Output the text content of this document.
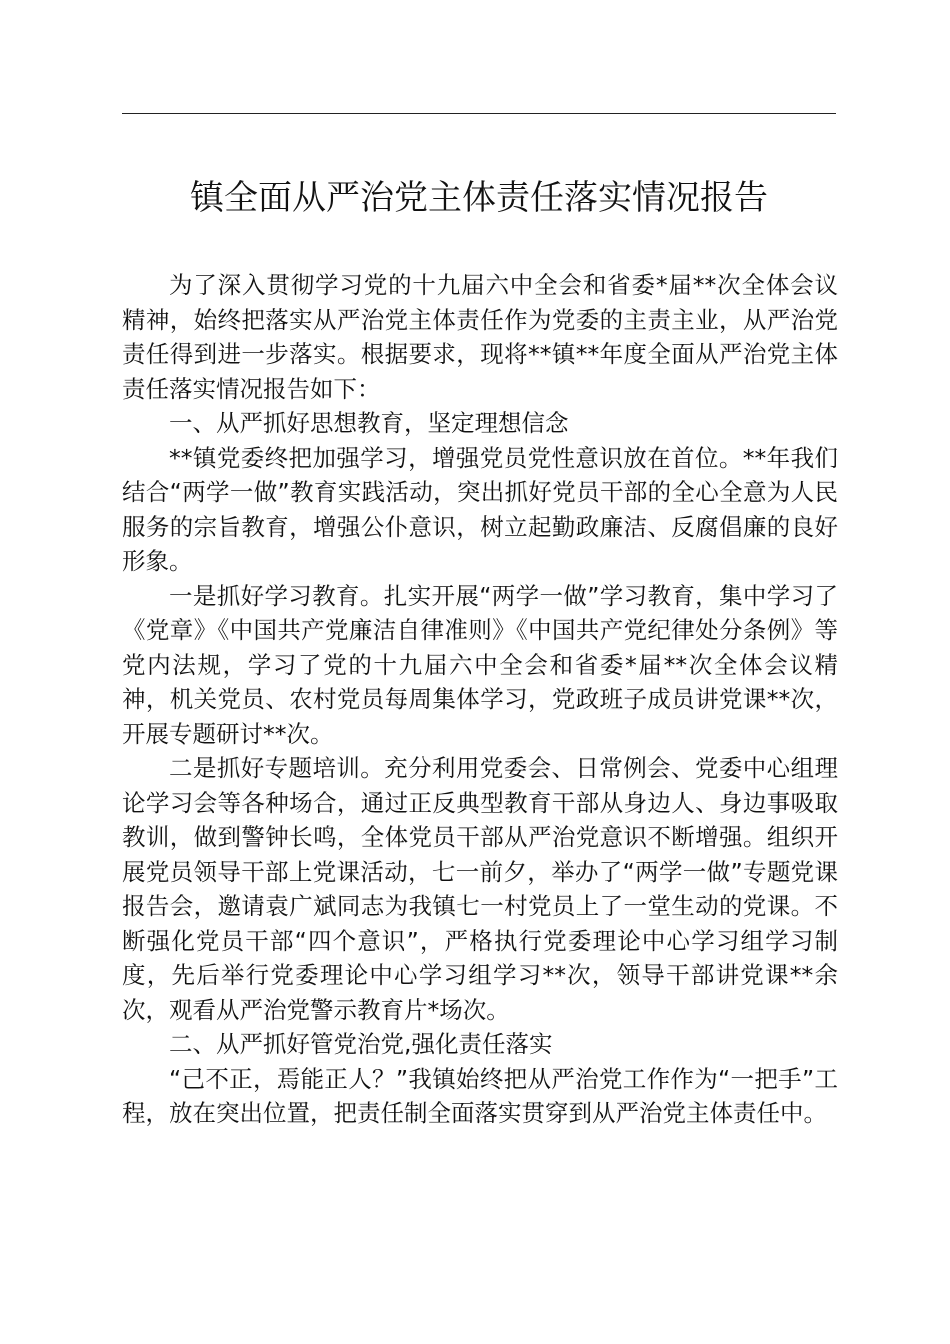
镇全面从严治党主体责任落实情况报告

为了深入贯彻学习党的十九届六中全会和省委*届**次全体会议精神，始终把落实从严治党主体责任作为党委的主责主业，从严治党责任得到进一步落实。根据要求，现将**镇**年度全面从严治党主体责任落实情况报告如下：

一、从严抓好思想教育，坚定理想信念

**镇党委终把加强学习，增强党员党性意识放在首位。**年我们结合“两学一做”教育实践活动，突出抓好党员干部的全心全意为人民服务的宗旨教育，增强公仆意识，树立起勤政廉洁、反腐倡廉的良好形象。

一是抓好学习教育。扎实开展“两学一做”学习教育，集中学习了《党章》《中国共产党廉洁自律准则》《中国共产党纪律处分条例》等党内法规，学习了党的十九届六中全会和省委*届**次全体会议精神，机关党员、农村党员每周集体学习，党政班子成员讲党课**次，开展专题研讨**次。

二是抓好专题培训。充分利用党委会、日常例会、党委中心组理论学习会等各种场合，通过正反典型教育干部从身边人、身边事吸取教训，做到警钟长鸣，全体党员干部从严治党意识不断增强。组织开展党员领导干部上党课活动，七一前夕，举办了“两学一做”专题党课报告会，邀请袁广斌同志为我镇七一村党员上了一堂生动的党课。不断强化党员干部“四个意识”，严格执行党委理论中心学习组学习制度，先后举行党委理论中心学习组学习**次，领导干部讲党课**余次，观看从严治党警示教育片*场次。

二、从严抓好管党治党,强化责任落实

“己不正，焉能正人？”我镇始终把从严治党工作作为“一把手”工程，放在突出位置，把责任制全面落实贯穿到从严治党主体责任中。
